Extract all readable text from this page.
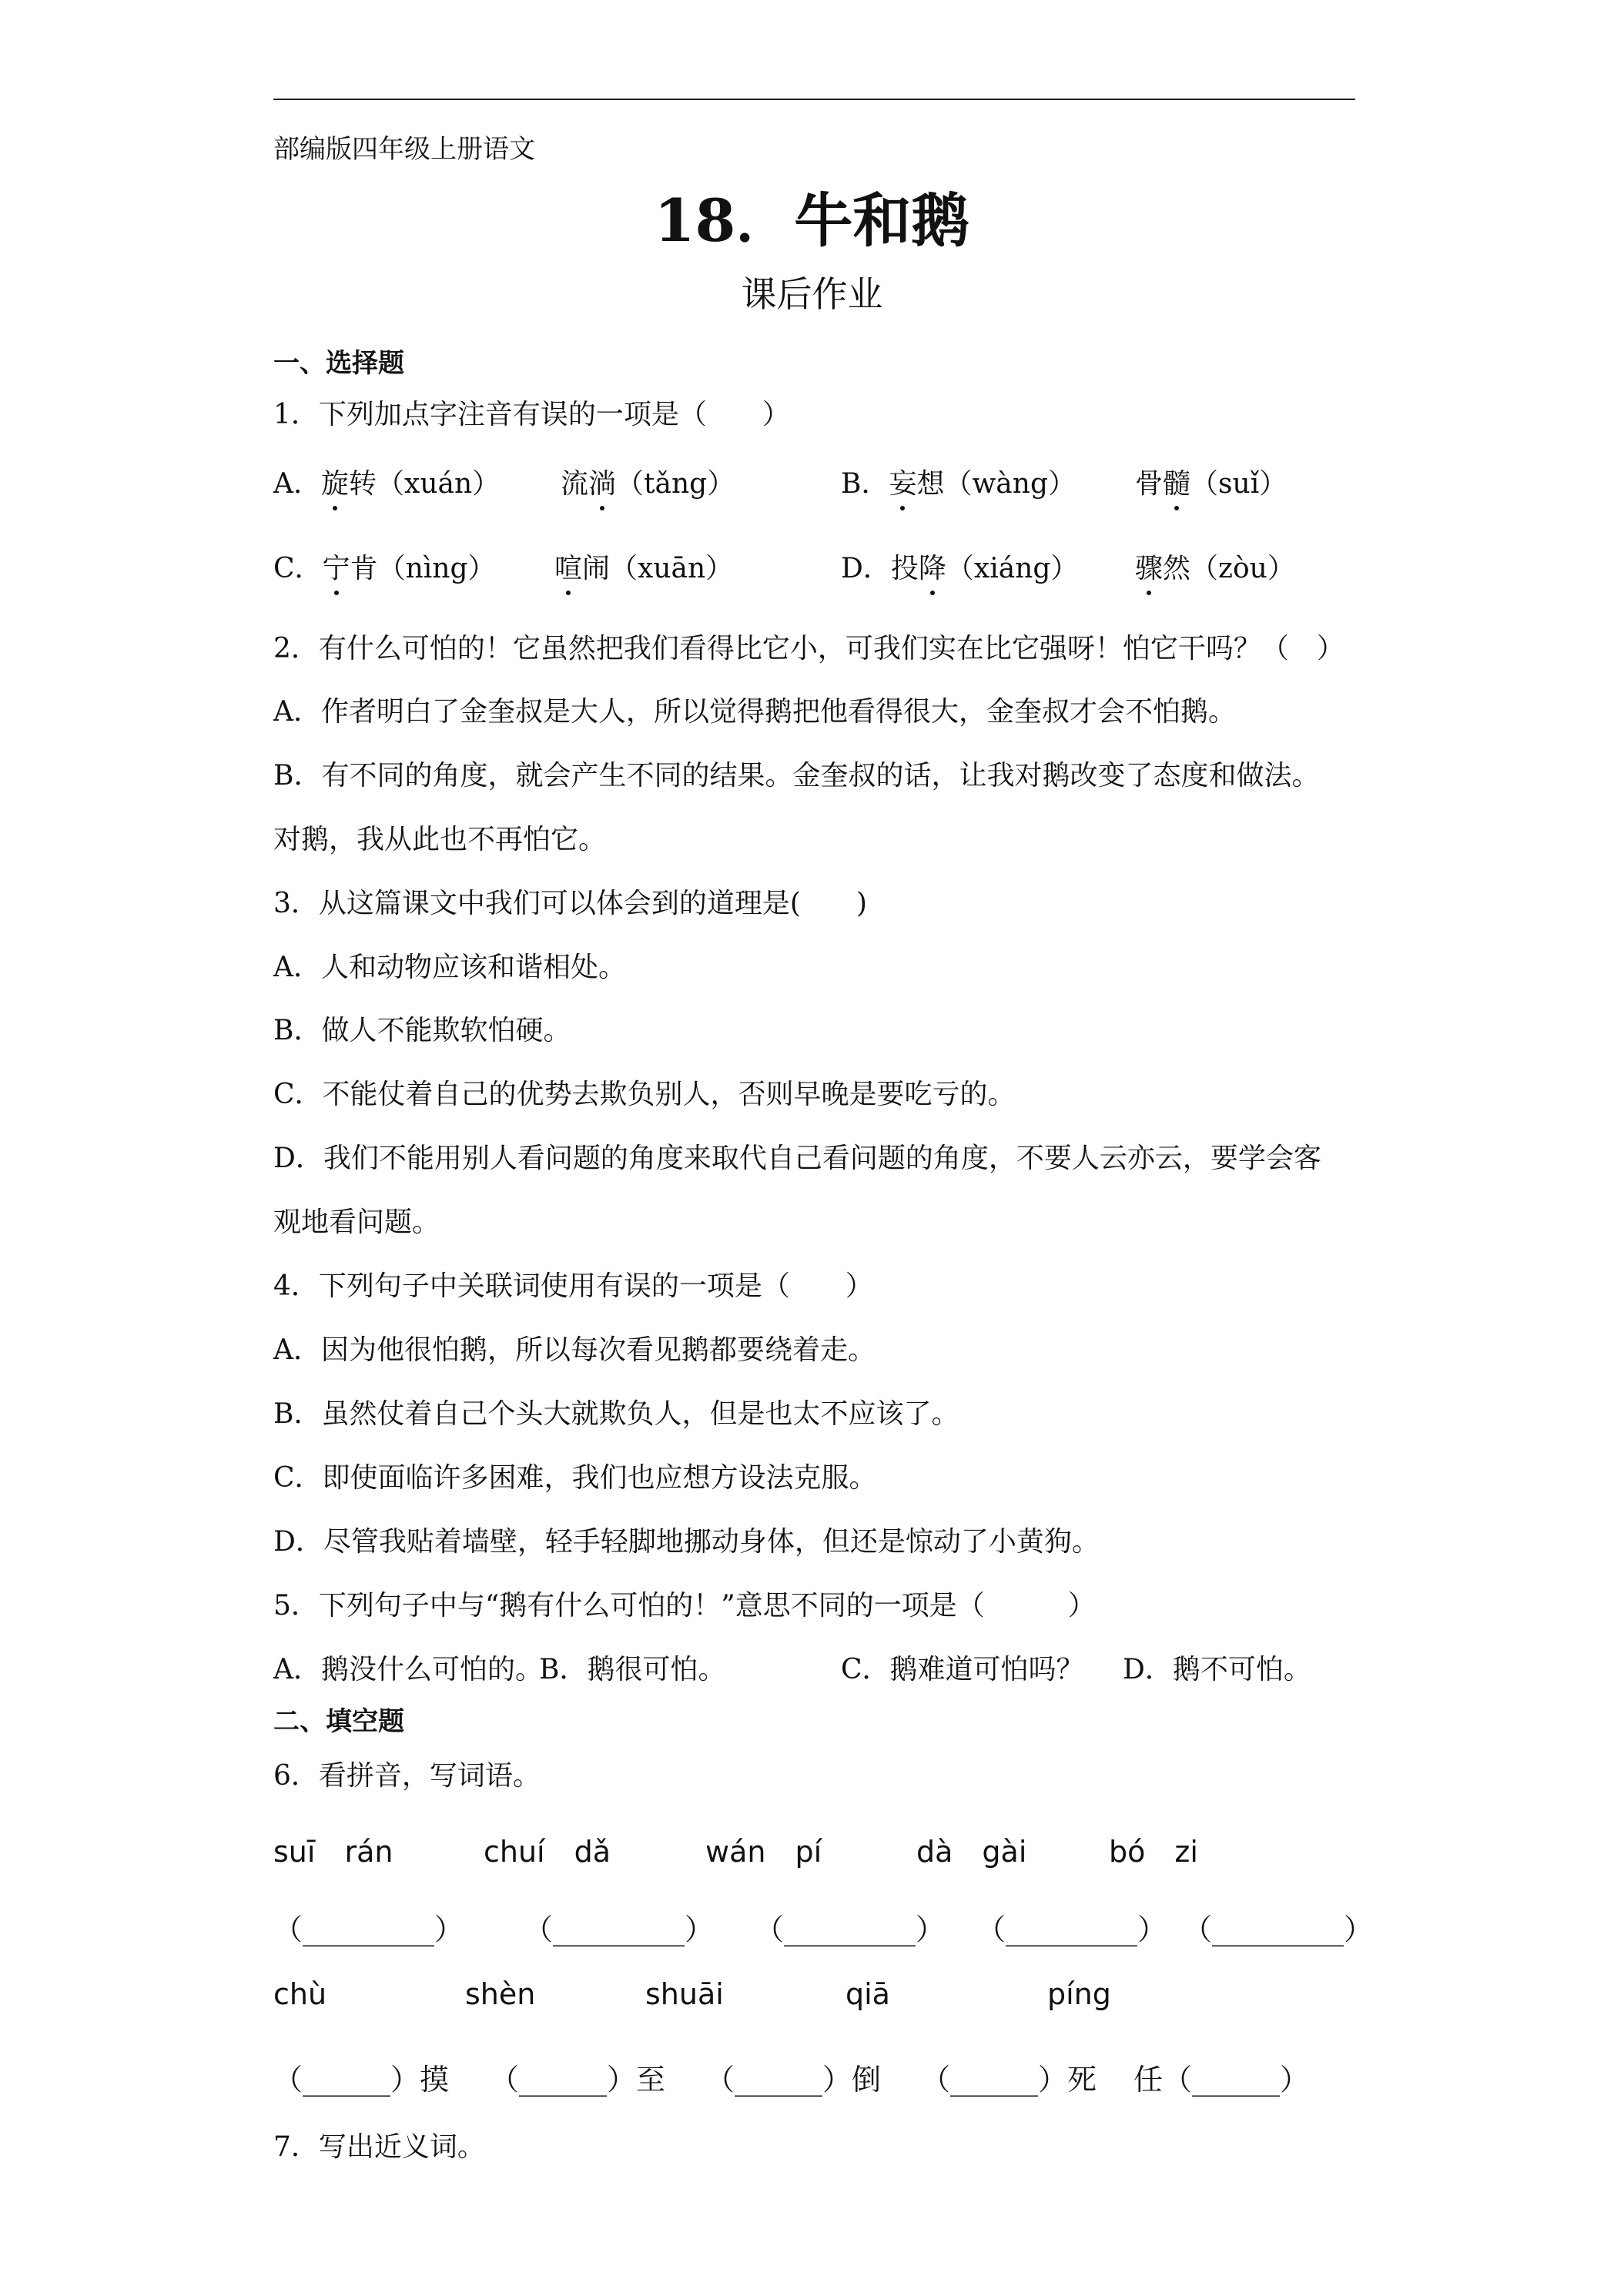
部编版四年级上册语文
18．牛和鹅
课后作业
一、选择题
1．下列加点字注音有误的一项是（　　）
A．旋转（xuán） 流淌（tǎng）	B．妄想（wàng） 骨髓（suǐ）
C．宁肯（nìng） 喧闹（xuān）	D．投降（xiáng） 骤然（zòu）
2．有什么可怕的！它虽然把我们看得比它小，可我们实在比它强呀！怕它干吗？（　）
A．作者明白了金奎叔是大人，所以觉得鹅把他看得很大，金奎叔才会不怕鹅。
B．有不同的角度，就会产生不同的结果。金奎叔的话，让我对鹅改变了态度和做法。
对鹅，我从此也不再怕它。
3．从这篇课文中我们可以体会到的道理是(　　)
A．人和动物应该和谐相处。
B．做人不能欺软怕硬。
C．不能仗着自己的优势去欺负别人，否则早晚是要吃亏的。
D．我们不能用别人看问题的角度来取代自己看问题的角度，不要人云亦云，要学会客
观地看问题。
4．下列句子中关联词使用有误的一项是（　　）
A．因为他很怕鹅，所以每次看见鹅都要绕着走。
B．虽然仗着自己个头大就欺负人，但是也太不应该了。
C．即使面临许多困难，我们也应想方设法克服。
D．尽管我贴着墙壁，轻手轻脚地挪动身体，但还是惊动了小黄狗。
5．下列句子中与“鹅有什么可怕的！”意思不同的一项是（　　　）
A．鹅没什么可怕的。
B．鹅很可怕。	C．鹅难道可怕吗？ D．鹅不可怕。
二、填空题
6．看拼音，写词语。
suī　rán	chuí　dǎ	wán　pí	dà　gài	bó　zi
（_________） （_________） （_________） （_________） （_________）
chù	shèn	shuāi	qiā	píng
（______）摸 （______）至 （______）倒 （______）死 任（______）
7．写出近义词。
